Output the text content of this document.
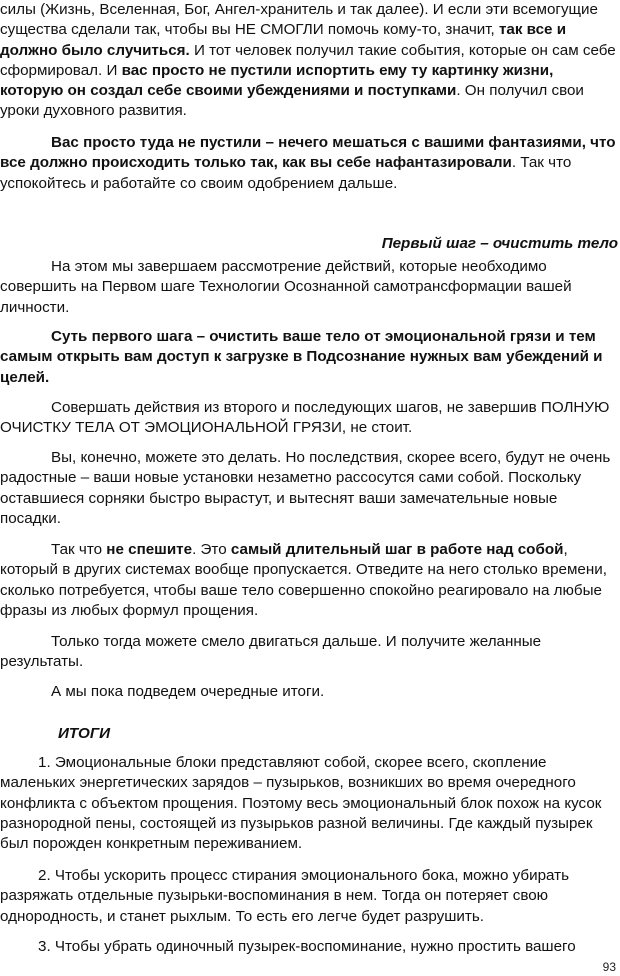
силы (Жизнь, Вселенная, Бог, Ангел-хранитель и так далее). И если эти всемогущие существа сделали так, чтобы вы НЕ СМОГЛИ помочь кому-то, значит, так все и должно было случиться. И тот человек получил такие события, которые он сам себе сформировал. И вас просто не пустили испортить ему ту картинку жизни, которую он создал себе своими убеждениями и поступками. Он получил свои уроки духовного развития.

Вас просто туда не пустили – нечего мешаться с вашими фантазиями, что все должно происходить только так, как вы себе нафантазировали. Так что успокойтесь и работайте со своим одобрением дальше.

Первый шаг – очистить тело

На этом мы завершаем рассмотрение действий, которые необходимо совершить на Первом шаге Технологии Осознанной самотрансформации вашей личности.

Суть первого шага – очистить ваше тело от эмоциональной грязи и тем самым открыть вам доступ к загрузке в Подсознание нужных вам убеждений и целей.

Совершать действия из второго и последующих шагов, не завершив ПОЛНУЮ ОЧИСТКУ ТЕЛА ОТ ЭМОЦИОНАЛЬНОЙ ГРЯЗИ, не стоит.

Вы, конечно, можете это делать. Но последствия, скорее всего, будут не очень радостные – ваши новые установки незаметно рассосутся сами собой. Поскольку оставшиеся сорняки быстро вырастут, и вытеснят ваши замечательные новые посадки.

Так что не спешите. Это самый длительный шаг в работе над собой, который в других системах вообще пропускается. Отведите на него столько времени, сколько потребуется, чтобы ваше тело совершенно спокойно реагировало на любые фразы из любых формул прощения.

Только тогда можете смело двигаться дальше. И получите желанные результаты.

А мы пока подведем очередные итоги.

ИТОГИ

1. Эмоциональные блоки представляют собой, скорее всего, скопление маленьких энергетических зарядов – пузырьков, возникших во время очередного конфликта с объектом прощения. Поэтому весь эмоциональный блок похож на кусок разнородной пены, состоящей из пузырьков разной величины. Где каждый пузырек был порожден конкретным переживанием.

2. Чтобы ускорить процесс стирания эмоционального бока, можно убирать разряжать отдельные пузырьки-воспоминания в нем. Тогда он потеряет свою однородность, и станет рыхлым. То есть его легче будет разрушить.

3. Чтобы убрать одиночный пузырек-воспоминание, нужно простить вашего

93
